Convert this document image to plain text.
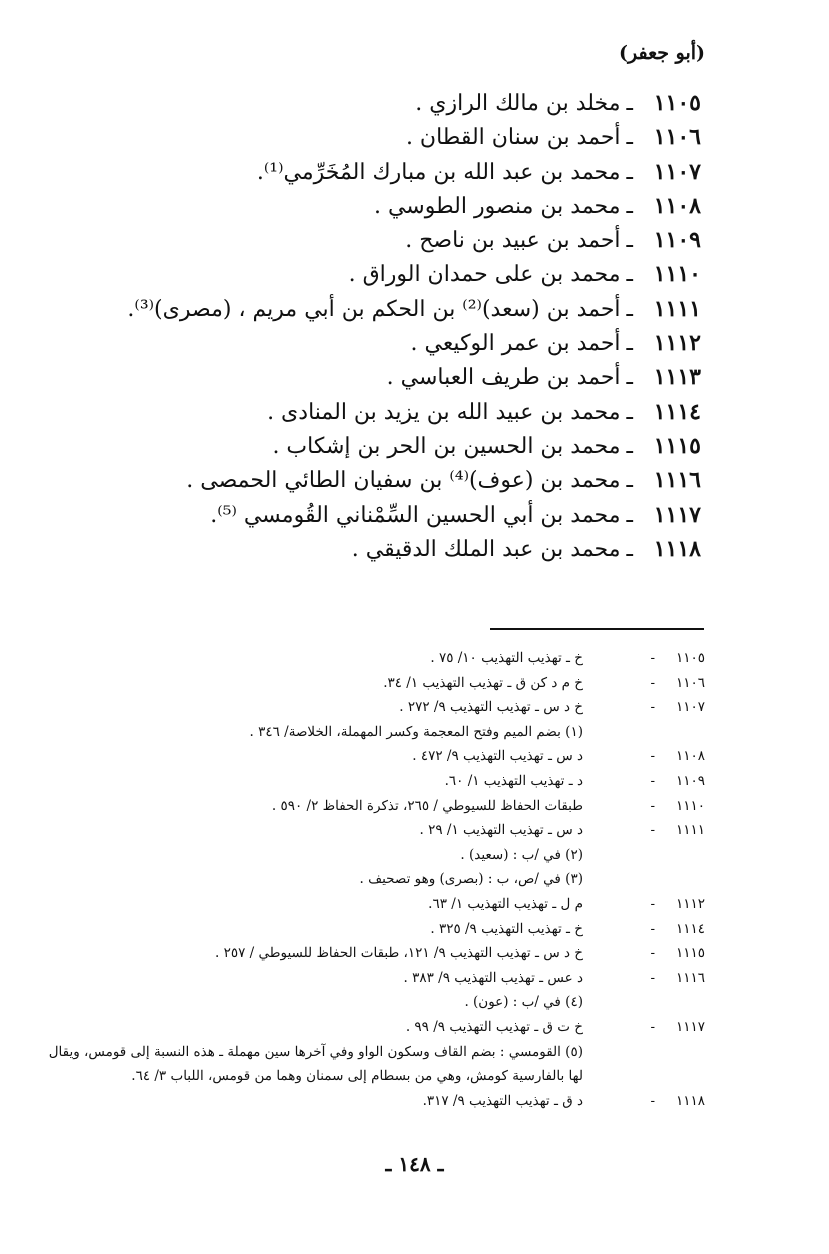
(أبو جعفر)
١١٠٥ـمخلد بن مالك الرازي .
١١٠٦ـأحمد بن سنان القطان .
١١٠٧ـمحمد بن عبد الله بن مبارك المُخَرِّمي⁽¹⁾.
١١٠٨ـمحمد بن منصور الطوسي .
١١٠٩ـأحمد بن عبيد بن ناصح .
١١١٠ـمحمد بن على حمدان الوراق .
١١١١ـأحمد بن (سعد)⁽²⁾ بن الحكم بن أبي مريم ، (مصرى)⁽³⁾.
١١١٢ـأحمد بن عمر الوكيعي .
١١١٣ـأحمد بن طريف العباسي .
١١١٤ـمحمد بن عبيد الله بن يزيد بن المنادى .
١١١٥ـمحمد بن الحسين بن الحر بن إشكاب .
١١١٦ـمحمد بن (عوف)⁽⁴⁾ بن سفيان الطائي الحمصى .
١١١٧ـمحمد بن أبي الحسين السِّمْناني القُومسي ⁽⁵⁾.
١١١٨ـمحمد بن عبد الملك الدقيقي .
١١٠٥-خ ـ تهذيب التهذيب ١٠/ ٧٥ .
١١٠٦-خ م د كن ق ـ تهذيب التهذيب ١/ ٣٤.
١١٠٧-خ د س ـ تهذيب التهذيب ٩/ ٢٧٢ .
(١) بضم الميم وفتح المعجمة وكسر المهملة، الخلاصة/ ٣٤٦ .
١١٠٨-د س ـ تهذيب التهذيب ٩/ ٤٧٢ .
١١٠٩-د ـ تهذيب التهذيب ١/ ٦٠.
١١١٠-طبقات الحفاظ للسيوطي / ٢٦٥، تذكرة الحفاظ ٢/ ٥٩٠ .
١١١١-د س ـ تهذيب التهذيب ١/ ٢٩ .
(٢) في /ب : (سعيد) .
(٣) في /ص، ب : (بصرى) وهو تصحيف .
١١١٢-م ل ـ تهذيب التهذيب ١/ ٦٣.
١١١٤-خ ـ تهذيب التهذيب ٩/ ٣٢٥ .
١١١٥-خ د س ـ تهذيب التهذيب ٩/ ١٢١، طبقات الحفاظ للسيوطي / ٢٥٧ .
١١١٦-د عس ـ تهذيب التهذيب ٩/ ٣٨٣ .
(٤) في /ب : (عون) .
١١١٧-خ ت ق ـ تهذيب التهذيب ٩/ ٩٩ .
(٥) القومسي : بضم القاف وسكون الواو وفي آخرها سين مهملة ـ هذه النسبة إلى قومس، ويقال لها بالفارسية كومش، وهي من بسطام إلى سمنان وهما من قومس، اللباب ٣/ ٦٤.
١١١٨-د ق ـ تهذيب التهذيب ٩/ ٣١٧.
ـ ١٤٨ ـ
